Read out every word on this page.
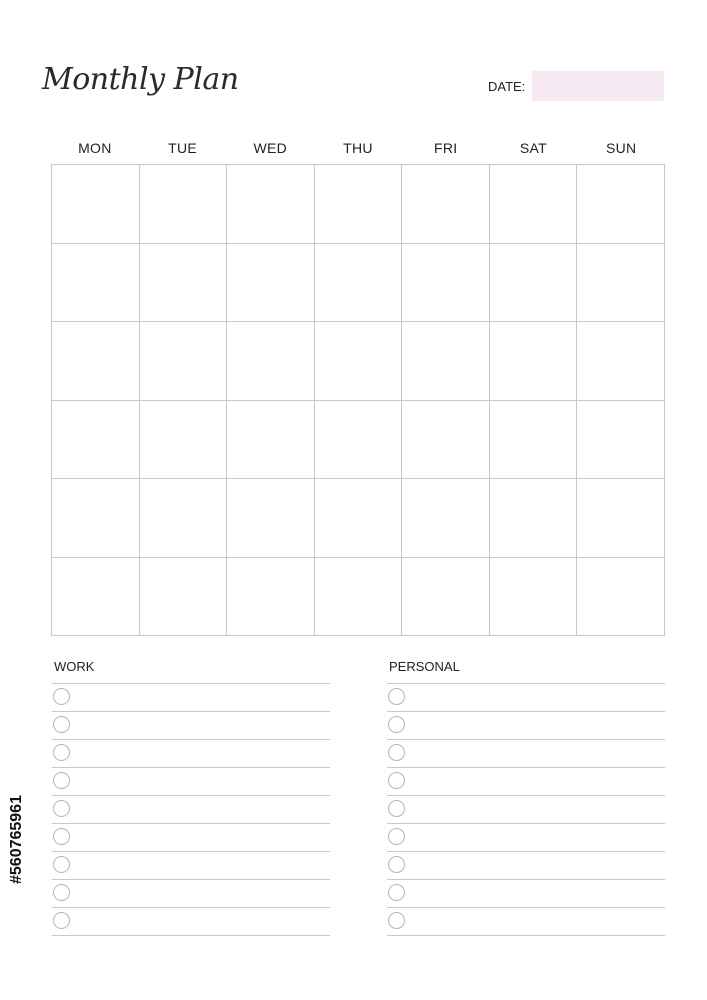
Monthly Plan	DATE:
MON	TUE	WED	THU	FRI	SAT	SUN
WORK	PERSONAL
#560765961
